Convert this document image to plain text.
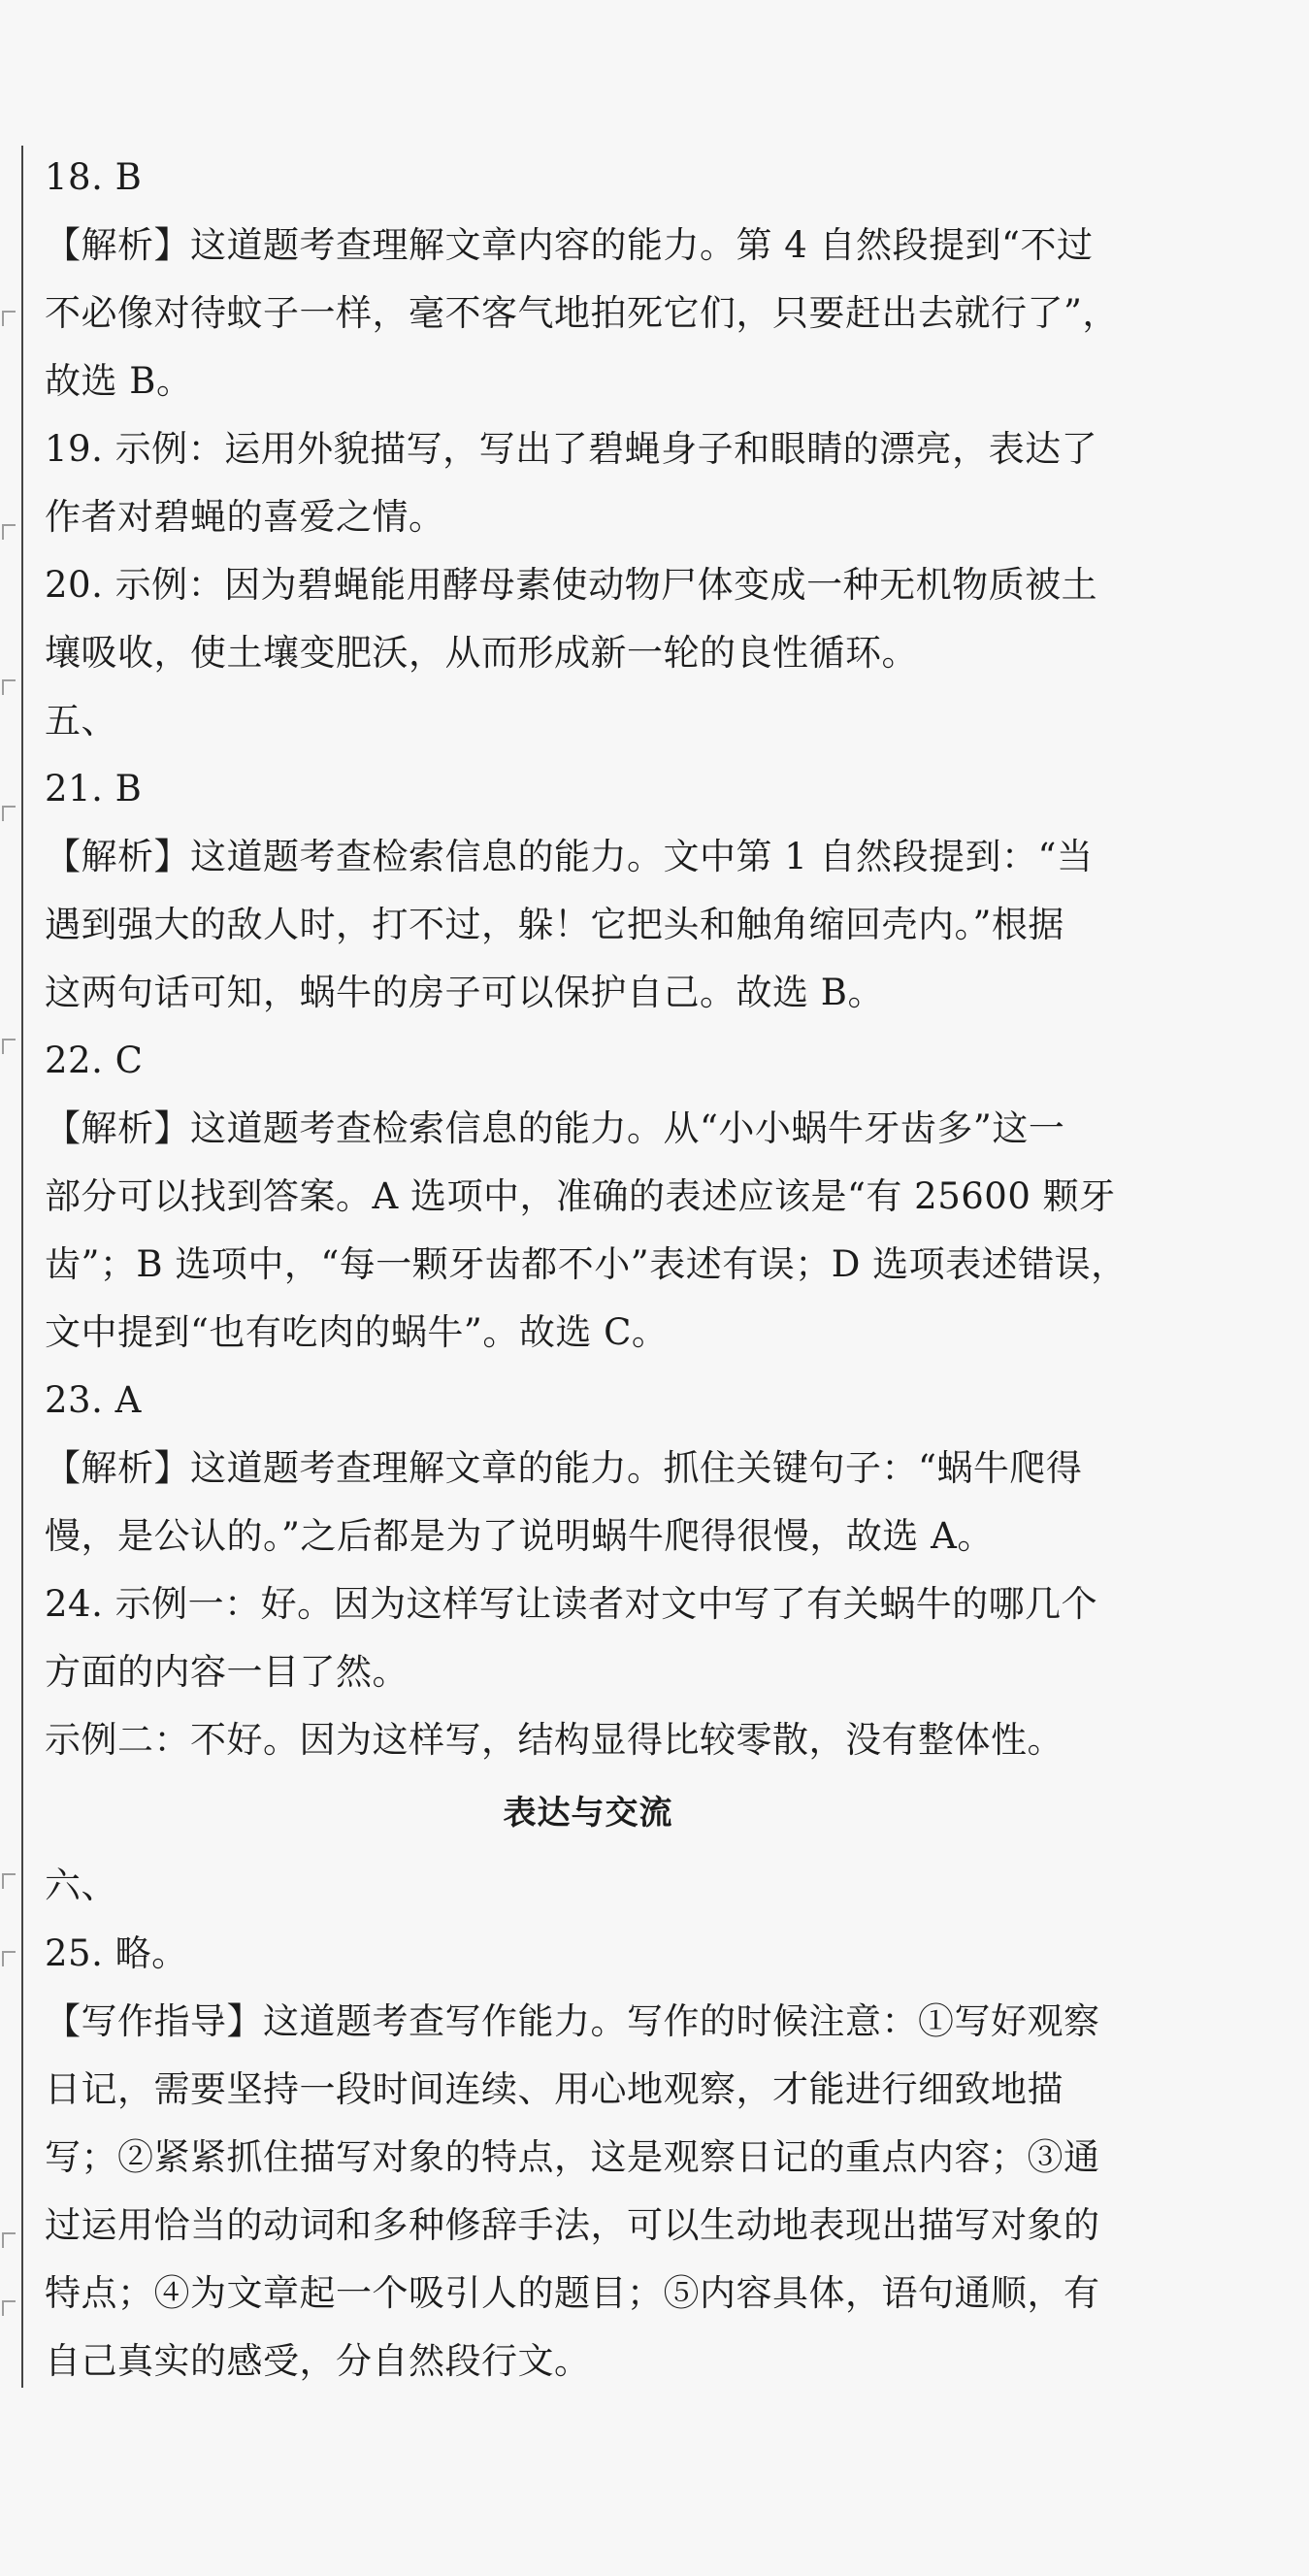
18. B
【解析】这道题考查理解文章内容的能力。第 4 自然段提到“不过
不必像对待蚊子一样，毫不客气地拍死它们，只要赶出去就行了”，
故选 B。
19. 示例：运用外貌描写，写出了碧蝇身子和眼睛的漂亮，表达了
作者对碧蝇的喜爱之情。
20. 示例：因为碧蝇能用酵母素使动物尸体变成一种无机物质被土
壤吸收，使土壤变肥沃，从而形成新一轮的良性循环。
五、
21. B
【解析】这道题考查检索信息的能力。文中第 1 自然段提到：“当
遇到强大的敌人时，打不过，躲！它把头和触角缩回壳内。”根据
这两句话可知，蜗牛的房子可以保护自己。故选 B。
22. C
【解析】这道题考查检索信息的能力。从“小小蜗牛牙齿多”这一
部分可以找到答案。A 选项中，准确的表述应该是“有 25600 颗牙
齿”；B 选项中，“每一颗牙齿都不小”表述有误；D 选项表述错误，
文中提到“也有吃肉的蜗牛”。故选 C。
23. A
【解析】这道题考查理解文章的能力。抓住关键句子：“蜗牛爬得
慢，是公认的。”之后都是为了说明蜗牛爬得很慢，故选 A。
24. 示例一：好。因为这样写让读者对文中写了有关蜗牛的哪几个
方面的内容一目了然。
示例二：不好。因为这样写，结构显得比较零散，没有整体性。
表达与交流
六、
25. 略。
【写作指导】这道题考查写作能力。写作的时候注意：①写好观察
日记，需要坚持一段时间连续、用心地观察，才能进行细致地描
写；②紧紧抓住描写对象的特点，这是观察日记的重点内容；③通
过运用恰当的动词和多种修辞手法，可以生动地表现出描写对象的
特点；④为文章起一个吸引人的题目；⑤内容具体，语句通顺，有
自己真实的感受，分自然段行文。
